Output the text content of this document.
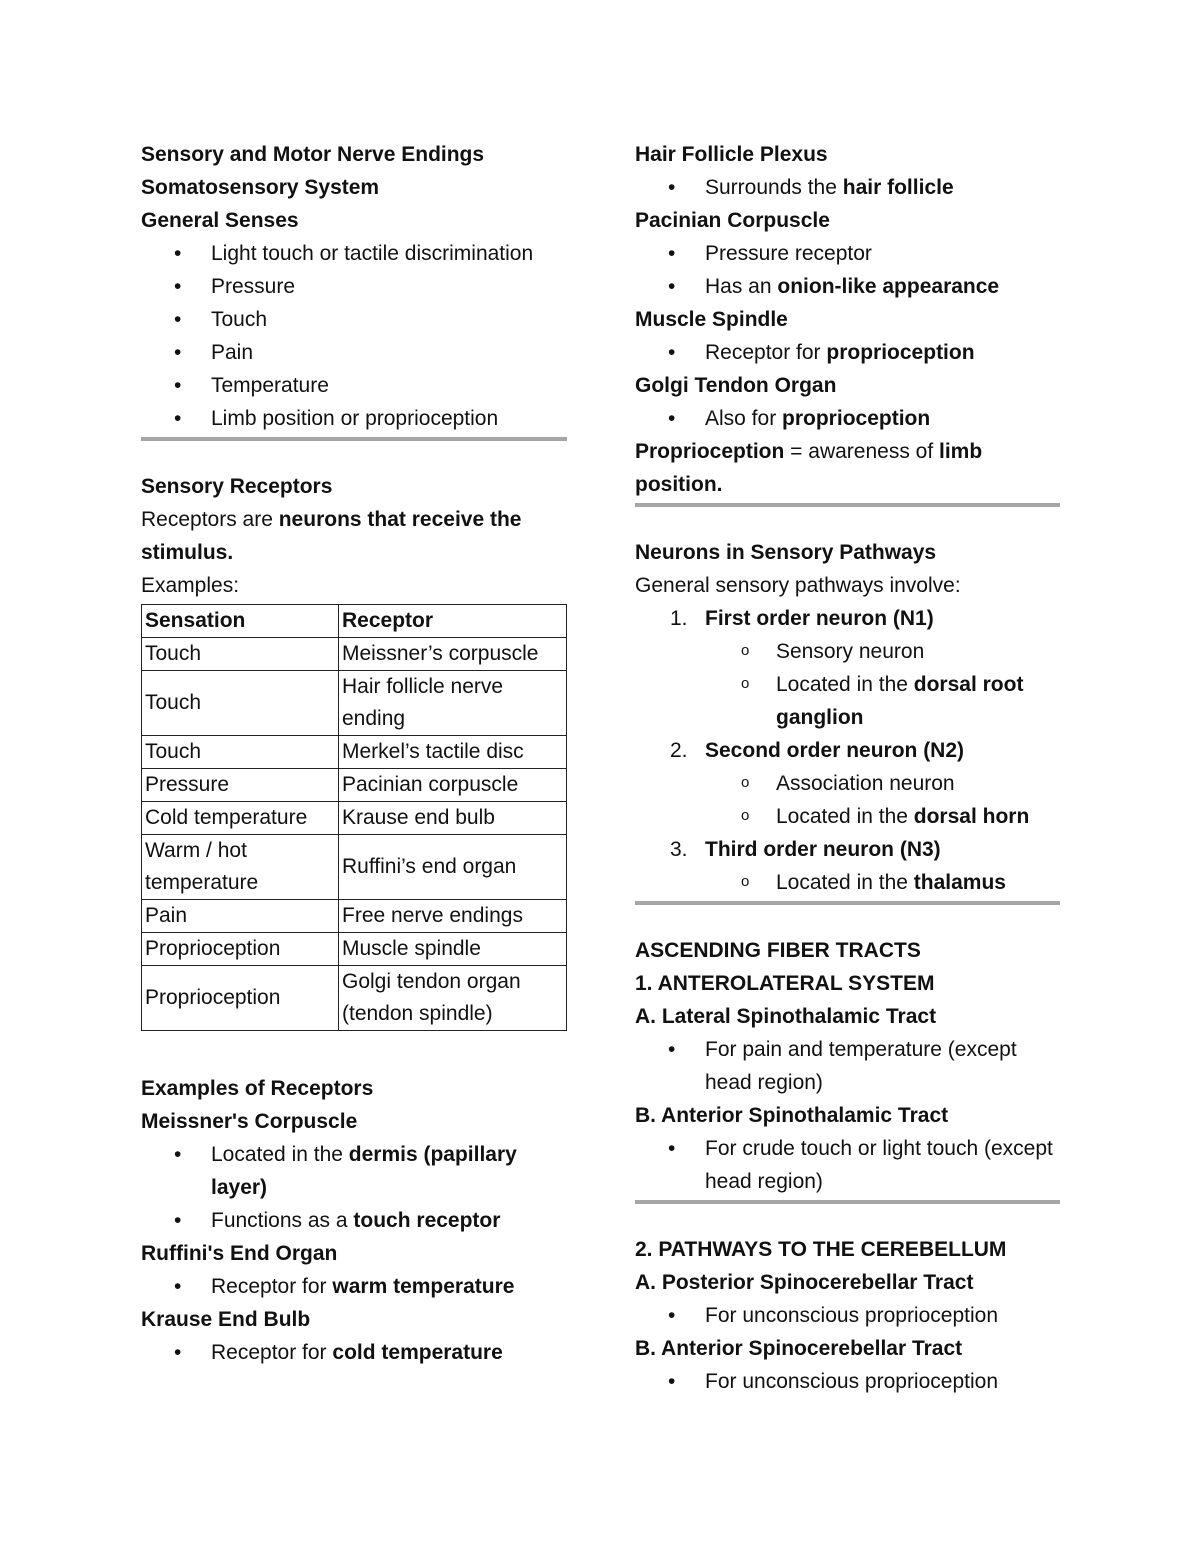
Sensory and Motor Nerve Endings
Somatosensory System
General Senses
• Light touch or tactile discrimination
• Pressure
• Touch
• Pain
• Temperature
• Limb position or proprioception
Sensory Receptors
Receptors are neurons that receive the stimulus.
Examples:
Sensation	Receptor
Touch	Meissner’s corpuscle
Touch	Hair follicle nerve ending
Touch	Merkel’s tactile disc
Pressure	Pacinian corpuscle
Cold temperature	Krause end bulb
Warm / hot temperature	Ruffini’s end organ
Pain	Free nerve endings
Proprioception	Muscle spindle
Proprioception	Golgi tendon organ (tendon spindle)
Examples of Receptors
Meissner's Corpuscle
• Located in the dermis (papillary layer)
• Functions as a touch receptor
Ruffini's End Organ
• Receptor for warm temperature
Krause End Bulb
• Receptor for cold temperature
Hair Follicle Plexus
• Surrounds the hair follicle
Pacinian Corpuscle
• Pressure receptor
• Has an onion-like appearance
Muscle Spindle
• Receptor for proprioception
Golgi Tendon Organ
• Also for proprioception
Proprioception = awareness of limb position.
Neurons in Sensory Pathways
General sensory pathways involve:
1. First order neuron (N1)
o Sensory neuron
o Located in the dorsal root ganglion
2. Second order neuron (N2)
o Association neuron
o Located in the dorsal horn
3. Third order neuron (N3)
o Located in the thalamus
ASCENDING FIBER TRACTS
1. ANTEROLATERAL SYSTEM
A. Lateral Spinothalamic Tract
• For pain and temperature (except head region)
B. Anterior Spinothalamic Tract
• For crude touch or light touch (except head region)
2. PATHWAYS TO THE CEREBELLUM
A. Posterior Spinocerebellar Tract
• For unconscious proprioception
B. Anterior Spinocerebellar Tract
• For unconscious proprioception
